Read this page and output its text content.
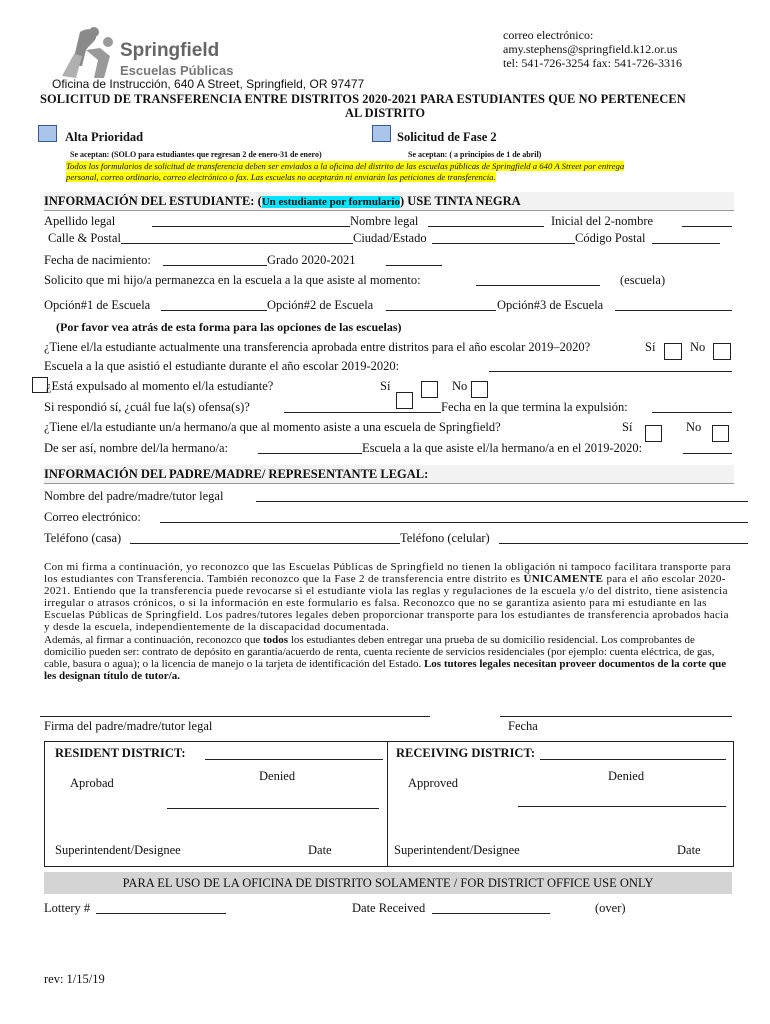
Springfield
Escuelas Públicas
correo electrónico:
amy.stephens@springfield.k12.or.us
tel: 541-726-3254 fax: 541-726-3316
Oficina de Instrucción, 640 A Street, Springfield, OR 97477
SOLICITUD DE TRANSFERENCIA ENTRE DISTRITOS 2020-2021 PARA ESTUDIANTES QUE NO PERTENECEN
AL DISTRITO
Alta Prioridad
Se aceptan: (SOLO para estudiantes que regresan 2 de enero-31 de enero)
Solicitud de Fase 2
Se aceptan: ( a principios de 1 de abril)
Todos los formularios de solicitud de transferencia deben ser enviados a la oficina del distrito de las escuelas públicas de Springfield a 640 A Street por entrega
personal, correo ordinario, correo electrónico o fax. Las escuelas no aceptarán ni enviarán las peticiones de transferencia.
INFORMACIÓN DEL ESTUDIANTE: (Un estudiante por formulario) USE TINTA NEGRA
Apellido legal	Nombre legal	Inicial del 2-nombre
Calle & Postal	Ciudad/Estado	Código Postal
Fecha de nacimiento:	Grado 2020-2021
Solicito que mi hijo/a permanezca en la escuela a la que asiste al momento:	(escuela)
Opción#1 de Escuela	Opción#2 de Escuela	Opción#3 de Escuela
(Por favor vea atrás de esta forma para las opciones de las escuelas)
¿Tiene el/la estudiante actualmente una transferencia aprobada entre distritos para el año escolar 2019–2020?	Sí	No
Escuela a la que asistió el estudiante durante el año escolar 2019-2020:
¿Está expulsado al momento el/la estudiante?	Sí	No
Si respondió sí, ¿cuál fue la(s) ofensa(s)?	Fecha en la que termina la expulsión:
¿Tiene el/la estudiante un/a hermano/a que al momento asiste a una escuela de Springfield?	Sí	No
De ser así, nombre del/la hermano/a:	Escuela a la que asiste el/la hermano/a en el 2019-2020:
INFORMACIÓN DEL PADRE/MADRE/ REPRESENTANTE LEGAL:
Nombre del padre/madre/tutor legal
Correo electrónico:
Teléfono (casa)	Teléfono (celular)

Con mi firma a continuación, yo reconozco que las Escuelas Públicas de Springfield no tienen la obligación ni tampoco facilitara transporte para los estudiantes con Transferencia. También reconozco que la Fase 2 de transferencia entre distrito es ÚNICAMENTE para el año escolar 2020-2021. Entiendo que la transferencia puede revocarse si el estudiante viola las reglas y regulaciones de la escuela y/o del distrito, tiene asistencia irregular o atrasos crónicos, o si la información en este formulario es falsa. Reconozco que no se garantiza asiento para mi estudiante en las Escuelas Públicas de Springfield. Los padres/tutores legales deben proporcionar transporte para los estudiantes de transferencia aprobados hacia y desde la escuela, independientemente de la discapacidad documentada.

Además, al firmar a continuación, reconozco que todos los estudiantes deben entregar una prueba de su domicilio residencial. Los comprobantes de domicilio pueden ser: contrato de depósito en garantía/acuerdo de renta, cuenta reciente de servicios residenciales (por ejemplo: cuenta eléctrica, de gas, cable, basura o agua); o la licencia de manejo o la tarjeta de identificación del Estado. Los tutores legales necesitan proveer documentos de la corte que les designan título de tutor/a.

Firma del padre/madre/tutor legal	Fecha
RESIDENT DISTRICT:
Aprobad	Denied
Superintendent/Designee	Date
RECEIVING DISTRICT:
Approved	Denied
Superintendent/Designee	Date
PARA EL USO DE LA OFICINA DE DISTRITO SOLAMENTE / FOR DISTRICT OFFICE USE ONLY
Lottery #	Date Received	(over)
rev: 1/15/19
